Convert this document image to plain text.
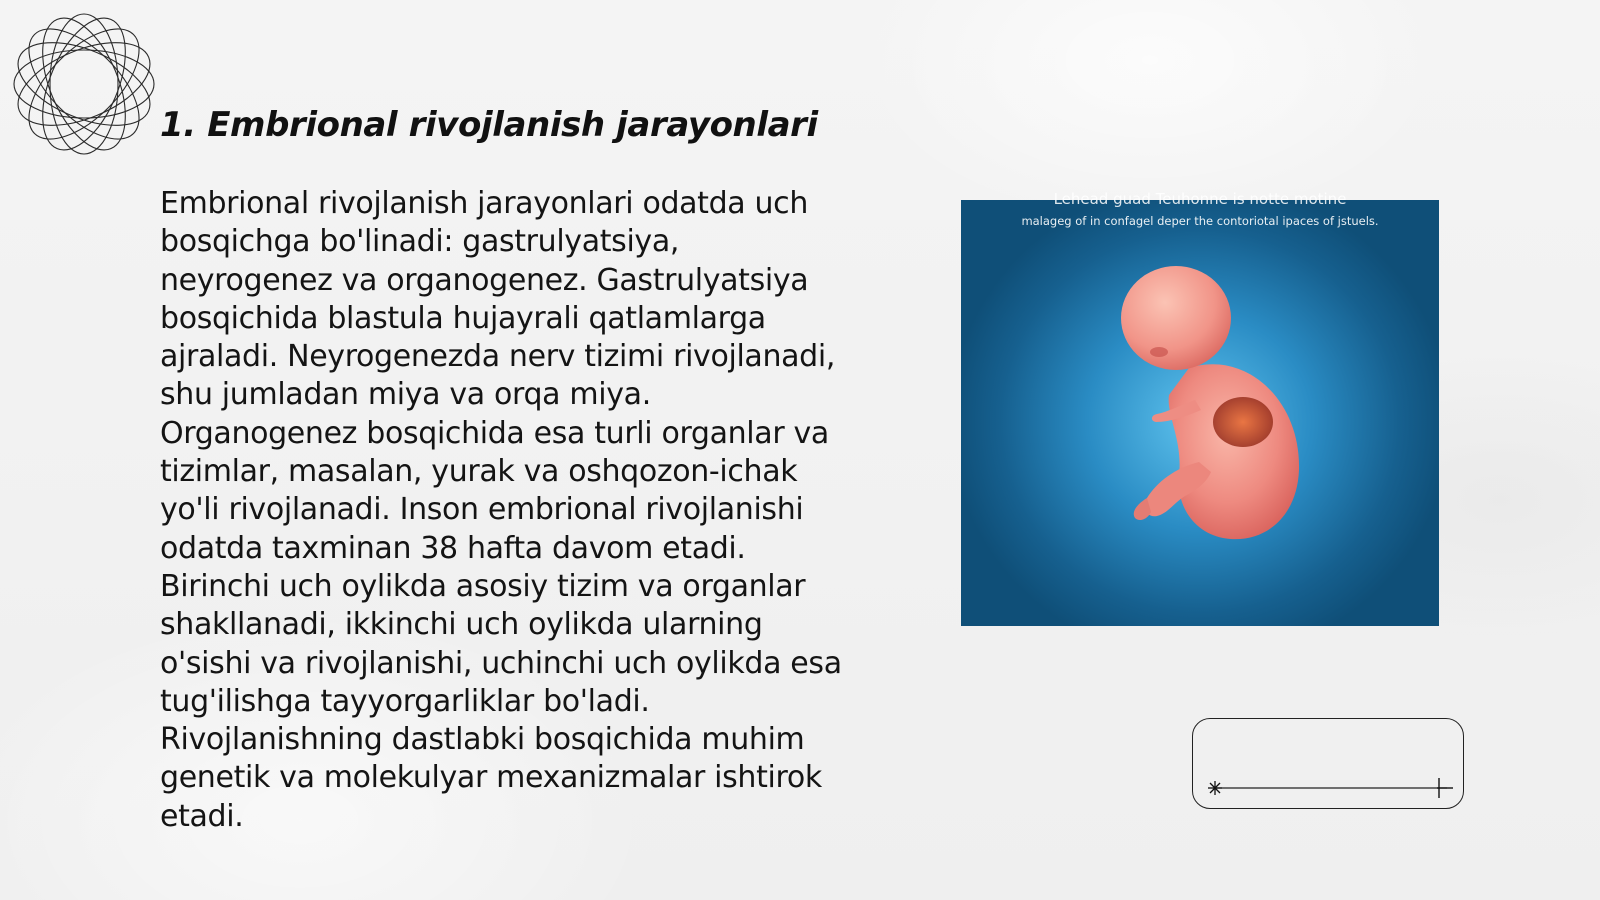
1. Embrional rivojlanish jarayonlari

Embrional rivojlanish jarayonlari odatda uch bosqichga bo'linadi: gastrulyatsiya, neyrogenez va organogenez. Gastrulyatsiya bosqichida blastula hujayrali qatlamlarga ajraladi. Neyrogenezda nerv tizimi rivojlanadi, shu jumladan miya va orqa miya. Organogenez bosqichida esa turli organlar va tizimlar, masalan, yurak va oshqozon-ichak yo'li rivojlanadi. Inson embrional rivojlanishi odatda taxminan 38 hafta davom etadi. Birinchi uch oylikda asosiy tizim va organlar shakllanadi, ikkinchi uch oylikda ularning o'sishi va rivojlanishi, uchinchi uch oylikda esa tug'ilishga tayyorgarliklar bo'ladi. Rivojlanishning dastlabki bosqichida muhim genetik va molekulyar mexanizmalar ishtirok etadi.

Lehead guad Teuhonne is notte motine
malageg of in confagel deper the contoriotal ipaces of jstuels.
